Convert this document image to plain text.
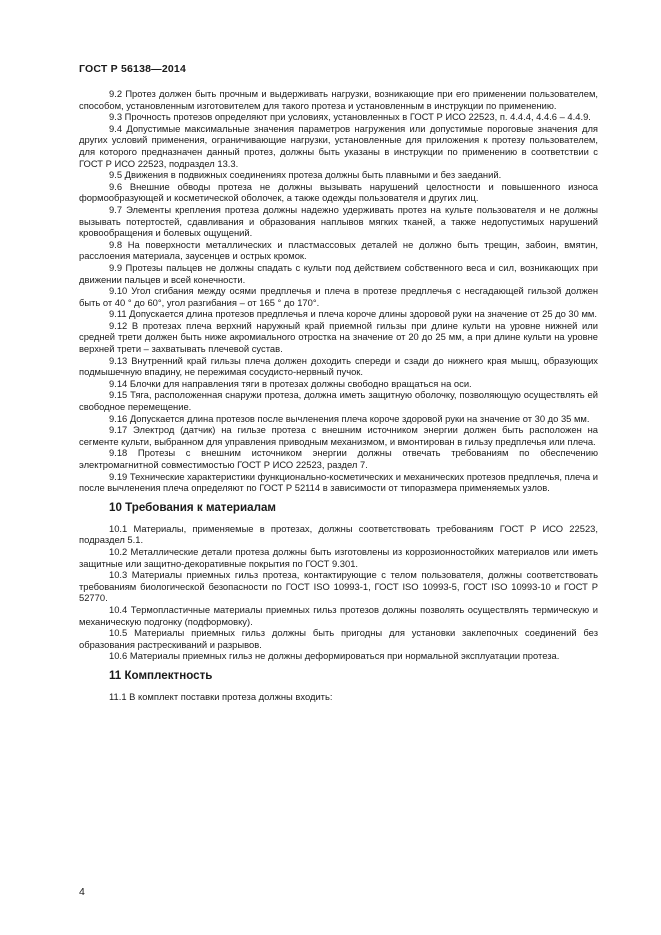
ГОСТ Р 56138—2014

9.2 Протез должен быть прочным и выдерживать нагрузки, возникающие при его применении пользователем, способом, установленным изготовителем для такого протеза и установленным в инструкции по применению.

9.3 Прочность протезов определяют при условиях, установленных в ГОСТ Р ИСО 22523, п. 4.4.4, 4.4.6 – 4.4.9.

9.4 Допустимые максимальные значения параметров нагружения или допустимые пороговые значения для других условий применения, ограничивающие нагрузки, установленные для приложения к протезу пользователем, для которого предназначен данный протез, должны быть указаны в инструкции по применению в соответствии с ГОСТ Р ИСО 22523, подраздел 13.3.

9.5 Движения в подвижных соединениях протеза должны быть плавными и без заеданий.

9.6 Внешние обводы протеза не должны вызывать нарушений целостности и повышенного износа формообразующей и косметической оболочек, а также одежды пользователя и других лиц.

9.7 Элементы крепления протеза должны надежно удерживать протез на культе пользователя и не должны вызывать потертостей, сдавливания и образования наплывов мягких тканей, а также недопустимых нарушений кровообращения и болевых ощущений.

9.8 На поверхности металлических и пластмассовых деталей не должно быть трещин, забоин, вмятин, расслоения материала, заусенцев и острых кромок.

9.9 Протезы пальцев не должны спадать с культи под действием собственного веса и сил, возникающих при движении пальцев и всей конечности.

9.10 Угол сгибания между осями предплечья и плеча в протезе предплечья с несгадающей гильзой должен быть от 40 ° до 60°, угол разгибания – от 165 ° до 170°.

9.11 Допускается длина протезов предплечья и плеча короче длины здоровой руки на значение от 25 до 30 мм.

9.12 В протезах плеча верхний наружный край приемной гильзы при длине культи на уровне нижней или средней трети должен быть ниже акромиального отростка на значение от 20 до 25 мм, а при длине культи на уровне верхней трети – захватывать плечевой сустав.

9.13 Внутренний край гильзы плеча должен доходить спереди и сзади до нижнего края мышц, образующих подмышечную впадину, не пережимая сосудисто-нервный пучок.

9.14 Блочки для направления тяги в протезах должны свободно вращаться на оси.

9.15 Тяга, расположенная снаружи протеза, должна иметь защитную оболочку, позволяющую осуществлять ей свободное перемещение.

9.16 Допускается длина протезов после вычленения плеча короче здоровой руки на значение от 30 до 35 мм.

9.17 Электрод (датчик) на гильзе протеза с внешним источником энергии должен быть расположен на сегменте культи, выбранном для управления приводным механизмом, и вмонтирован в гильзу предплечья или плеча.

9.18 Протезы с внешним источником энергии должны отвечать требованиям по обеспечению электромагнитной совместимостью ГОСТ Р ИСО 22523, раздел 7.

9.19 Технические характеристики функционально-косметических и механических протезов предплечья, плеча и после вычленения плеча определяют по ГОСТ Р 52114 в зависимости от типоразмера применяемых узлов.

10 Требования к материалам

10.1 Материалы, применяемые в протезах, должны соответствовать требованиям ГОСТ Р ИСО 22523, подраздел 5.1.

10.2 Металлические детали протеза должны быть изготовлены из коррозионностойких материалов или иметь защитные или защитно-декоративные покрытия по ГОСТ 9.301.

10.3 Материалы приемных гильз протеза, контактирующие с телом пользователя, должны соответствовать требованиям биологической безопасности по ГОСТ ISO 10993-1, ГОСТ ISO 10993-5, ГОСТ ISO 10993-10 и ГОСТ Р 52770.

10.4 Термопластичные материалы приемных гильз протезов должны позволять осуществлять термическую и механическую подгонку (подформовку).

10.5 Материалы приемных гильз должны быть пригодны для установки заклепочных соединений без образования растрескиваний и разрывов.

10.6 Материалы приемных гильз не должны деформироваться при нормальной эксплуатации протеза.

11 Комплектность

11.1 В комплект поставки протеза должны входить:

4
